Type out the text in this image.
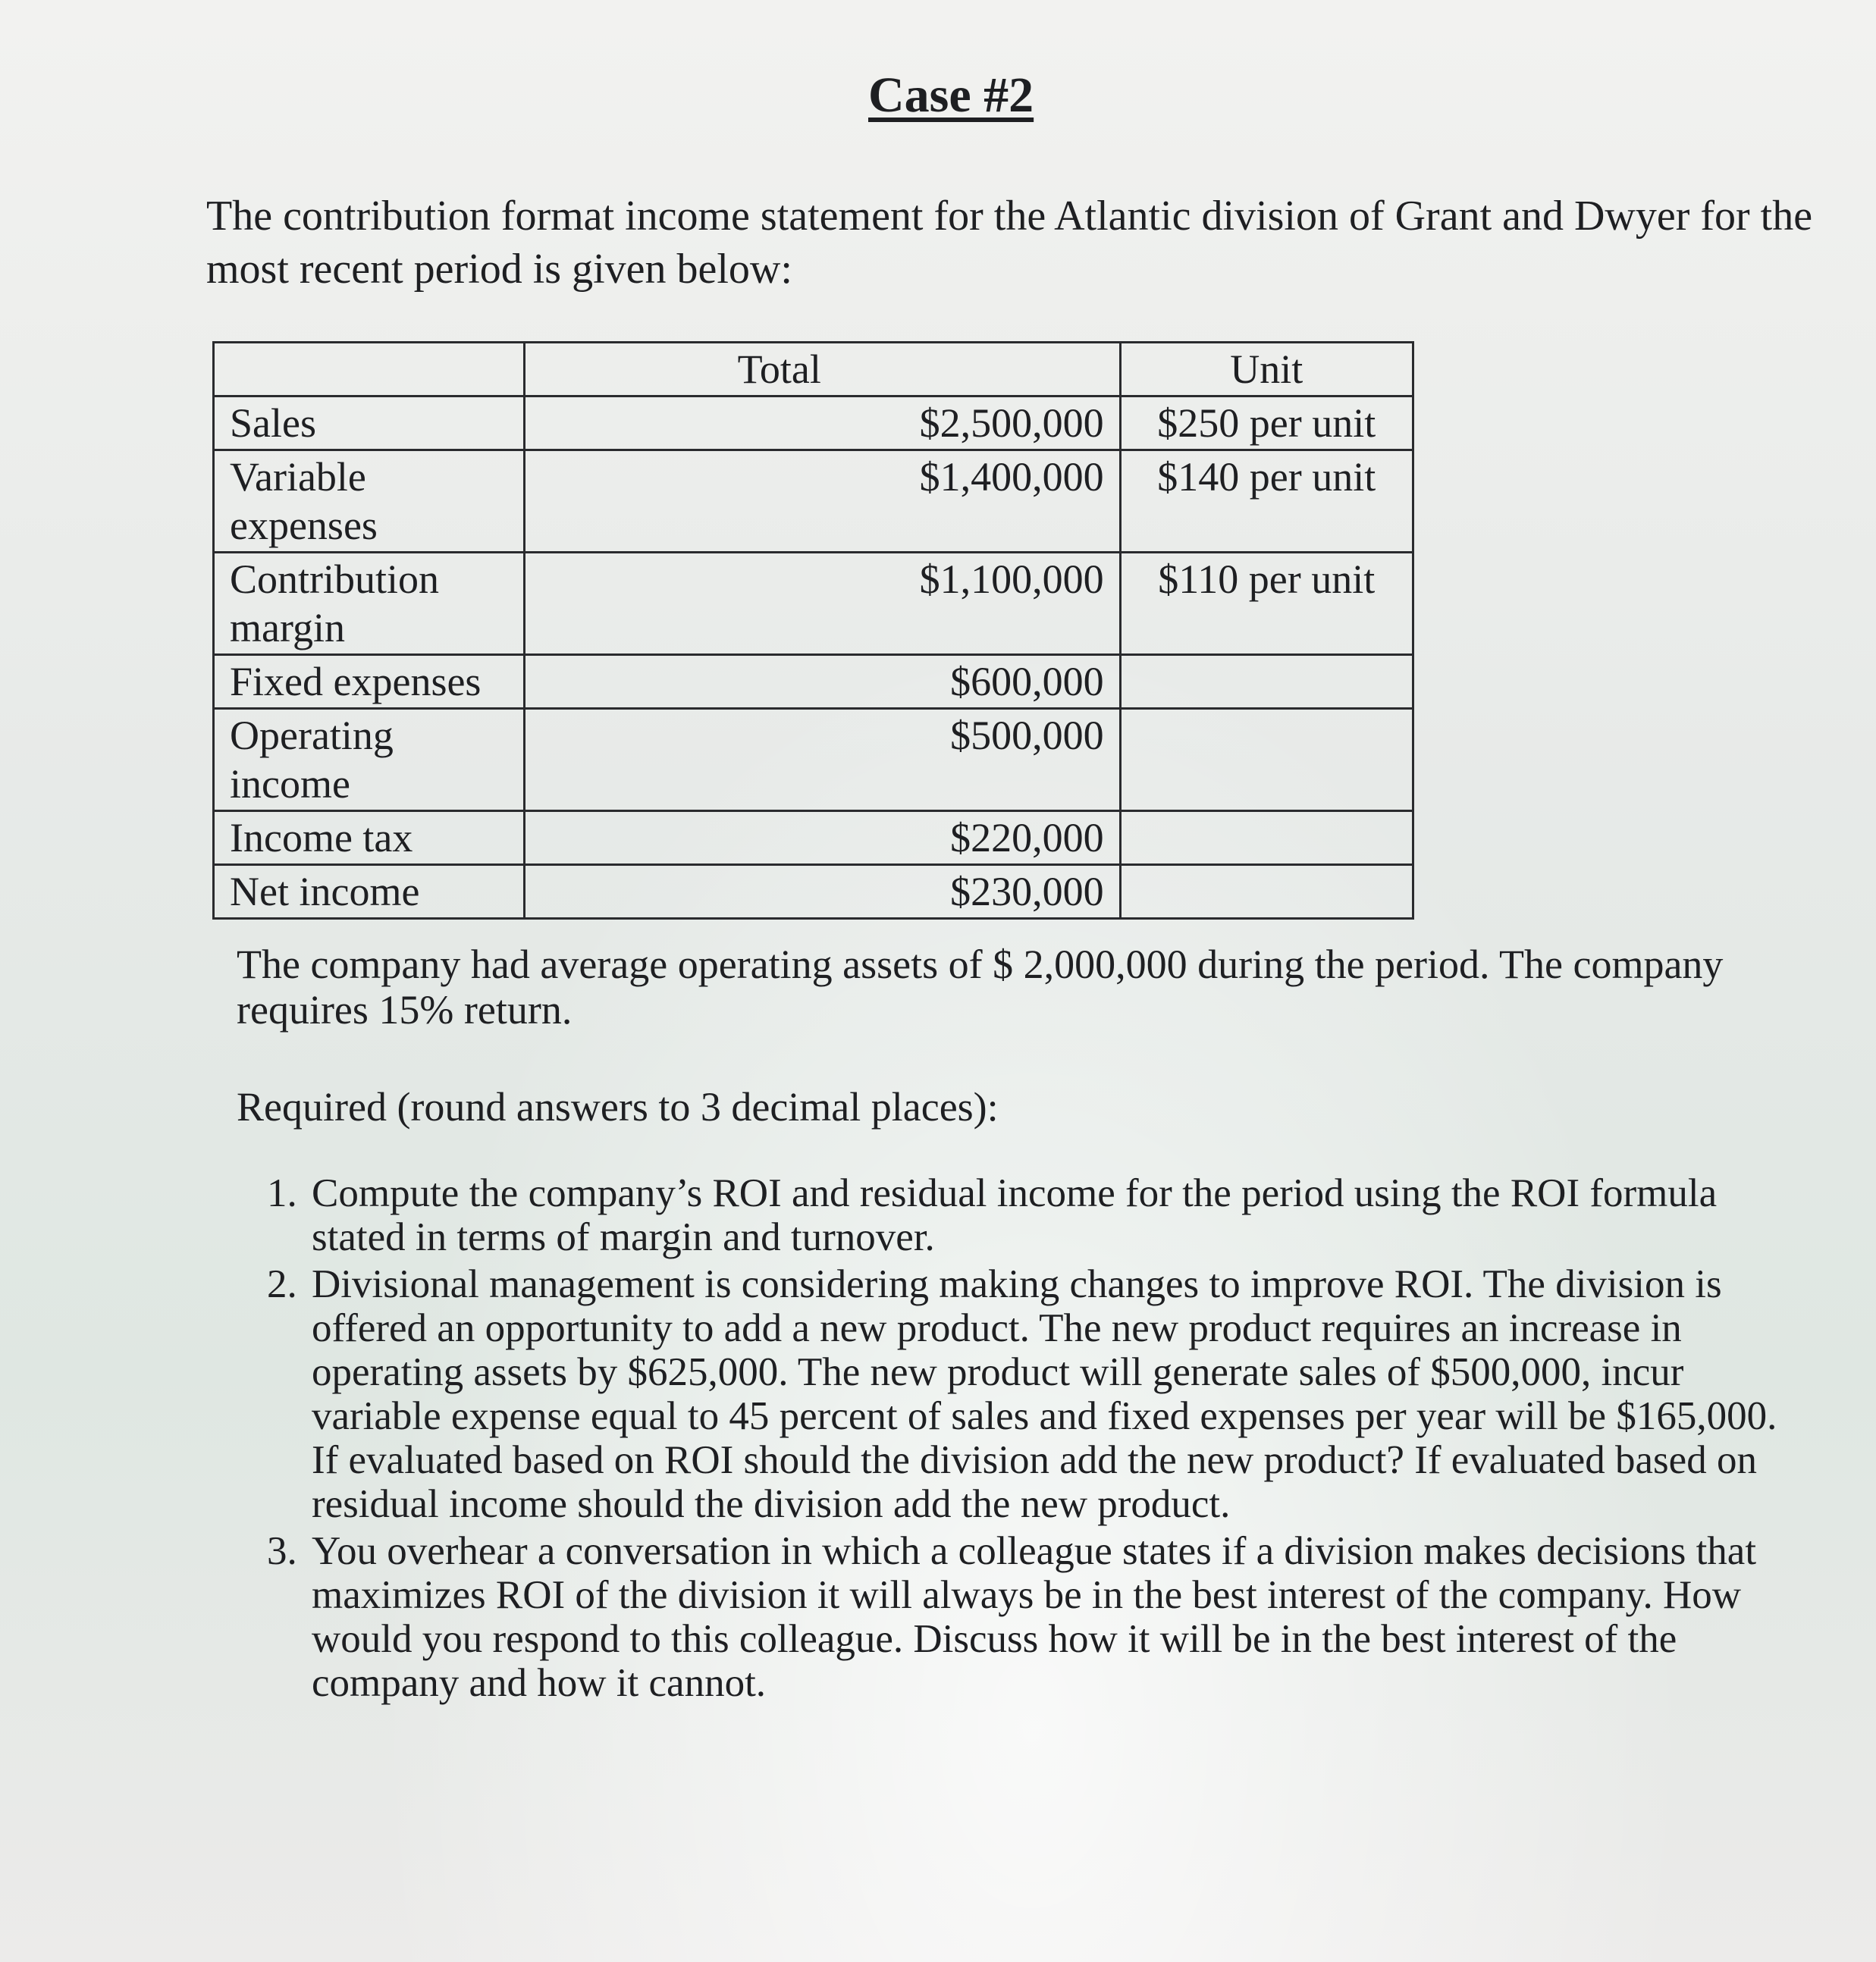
Case #2
The contribution format income statement for the Atlantic division of Grant and Dwyer for the most recent period is given below:
	Total	Unit
Sales	$2,500,000	$250 per unit
Variable expenses	$1,400,000	$140 per unit
Contribution margin	$1,100,000	$110 per unit
Fixed expenses	$600,000	
Operating income	$500,000	
Income tax	$220,000	
Net income	$230,000	
The company had average operating assets of $ 2,000,000 during the period. The company requires 15% return.
Required (round answers to 3 decimal places):
1. Compute the company’s ROI and residual income for the period using the ROI formula stated in terms of margin and turnover.
2. Divisional management is considering making changes to improve ROI. The division is offered an opportunity to add a new product. The new product requires an increase in operating assets by $625,000. The new product will generate sales of $500,000, incur variable expense equal to 45 percent of sales and fixed expenses per year will be $165,000. If evaluated based on ROI should the division add the new product? If evaluated based on residual income should the division add the new product.
3. You overhear a conversation in which a colleague states if a division makes decisions that maximizes ROI of the division it will always be in the best interest of the company. How would you respond to this colleague. Discuss how it will be in the best interest of the company and how it cannot.
